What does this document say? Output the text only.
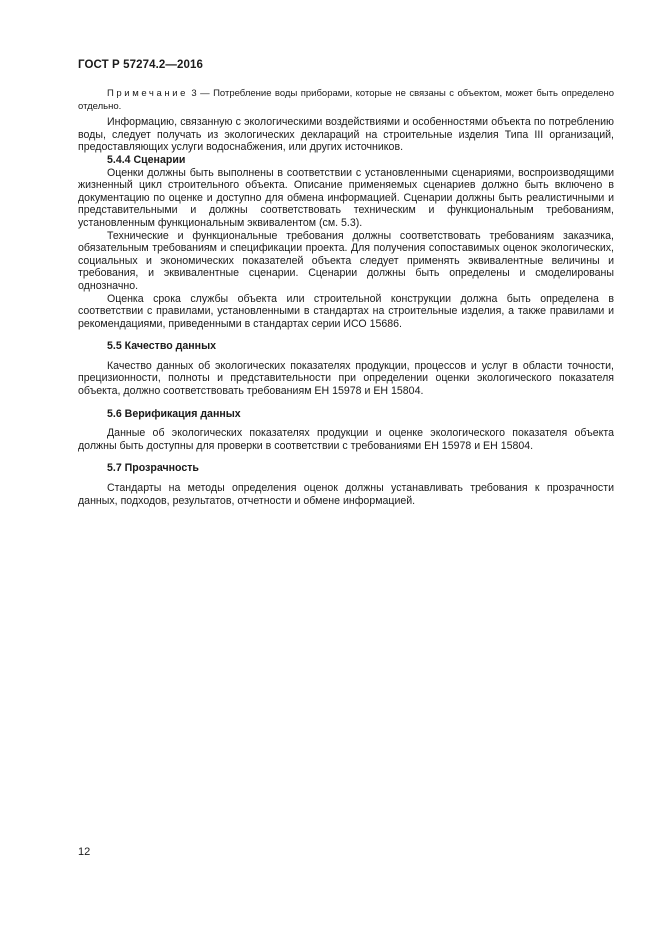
ГОСТ Р 57274.2—2016

Примечание 3 — Потребление воды приборами, которые не связаны с объектом, может быть определено отдельно.

Информацию, связанную с экологическими воздействиями и особенностями объекта по потреблению воды, следует получать из экологических деклараций на строительные изделия Типа III организаций, предоставляющих услуги водоснабжения, или других источников.

5.4.4 Сценарии

Оценки должны быть выполнены в соответствии с установленными сценариями, воспроизводящими жизненный цикл строительного объекта. Описание применяемых сценариев должно быть включено в документацию по оценке и доступно для обмена информацией. Сценарии должны быть реалистичными и представительными и должны соответствовать техническим и функциональным требованиям, установленным функциональным эквивалентом (см. 5.3).

Технические и функциональные требования должны соответствовать требованиям заказчика, обязательным требованиям и спецификации проекта. Для получения сопоставимых оценок экологических, социальных и экономических показателей объекта следует применять эквивалентные величины и требования, и эквивалентные сценарии. Сценарии должны быть определены и смоделированы однозначно.

Оценка срока службы объекта или строительной конструкции должна быть определена в соответствии с правилами, установленными в стандартах на строительные изделия, а также правилами и рекомендациями, приведенными в стандартах серии ИСО 15686.

5.5 Качество данных

Качество данных об экологических показателях продукции, процессов и услуг в области точности, прецизионности, полноты и представительности при определении оценки экологического показателя объекта, должно соответствовать требованиям ЕН 15978 и ЕН 15804.

5.6 Верификация данных

Данные об экологических показателях продукции и оценке экологического показателя объекта должны быть доступны для проверки в соответствии с требованиями ЕН 15978 и ЕН 15804.

5.7 Прозрачность

Стандарты на методы определения оценок должны устанавливать требования к прозрачности данных, подходов, результатов, отчетности и обмене информацией.

12
